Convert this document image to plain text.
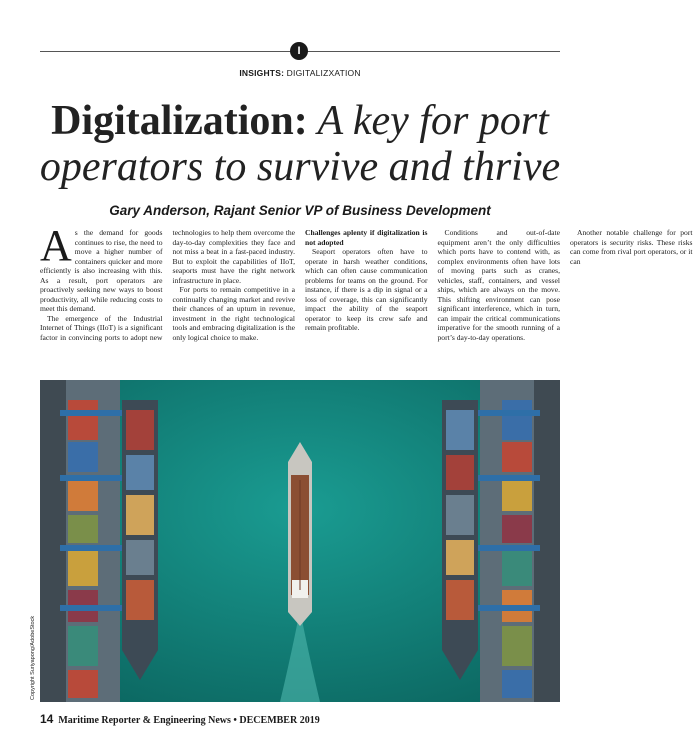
I
INSIGHTS: DIGITALIZXATION
Digitalization: A key for port
operators to survive and thrive
Gary Anderson, Rajant Senior VP of Business Development

As the demand for goods continues to rise, the need to move a higher number of containers quicker and more efficiently is also increasing with this. As a result, port operators are proactively seeking new ways to boost productivity, all while reducing costs to meet this demand.

The emergence of the Industrial Internet of Things (IIoT) is a significant factor in convincing ports to adopt new technologies to help them overcome the day-to-day complexities they face and not miss a beat in a fast-paced industry. But to exploit the capabilities of IIoT, seaports must have the right network infrastructure in place.

For ports to remain competitive in a continually changing market and revive their chances of an upturn in revenue, investment in the right technological tools and embracing digitalization is the only logical choice to make.

Challenges aplenty if digitalization is not adopted

Seaport operators often have to operate in harsh weather conditions, which can often cause communication problems for teams on the ground. For instance, if there is a dip in signal or a loss of coverage, this can significantly impact the ability of the seaport operator to keep its crew safe and remain profitable.

Conditions and out-of-date equipment aren’t the only difficulties which ports have to contend with, as complex environments often have lots of moving parts such as cranes, vehicles, staff, containers, and vessel ships, which are always on the move. This shifting environment can pose significant interference, which in turn, can impair the critical communications imperative for the smooth running of a port’s day-to-day operations.

Another notable challenge for port operators is security risks. These risks can come from rival port operators, or it can

Copyright Suriyapong/AdobeStock
14 Maritime Reporter & Engineering News • DECEMBER 2019
